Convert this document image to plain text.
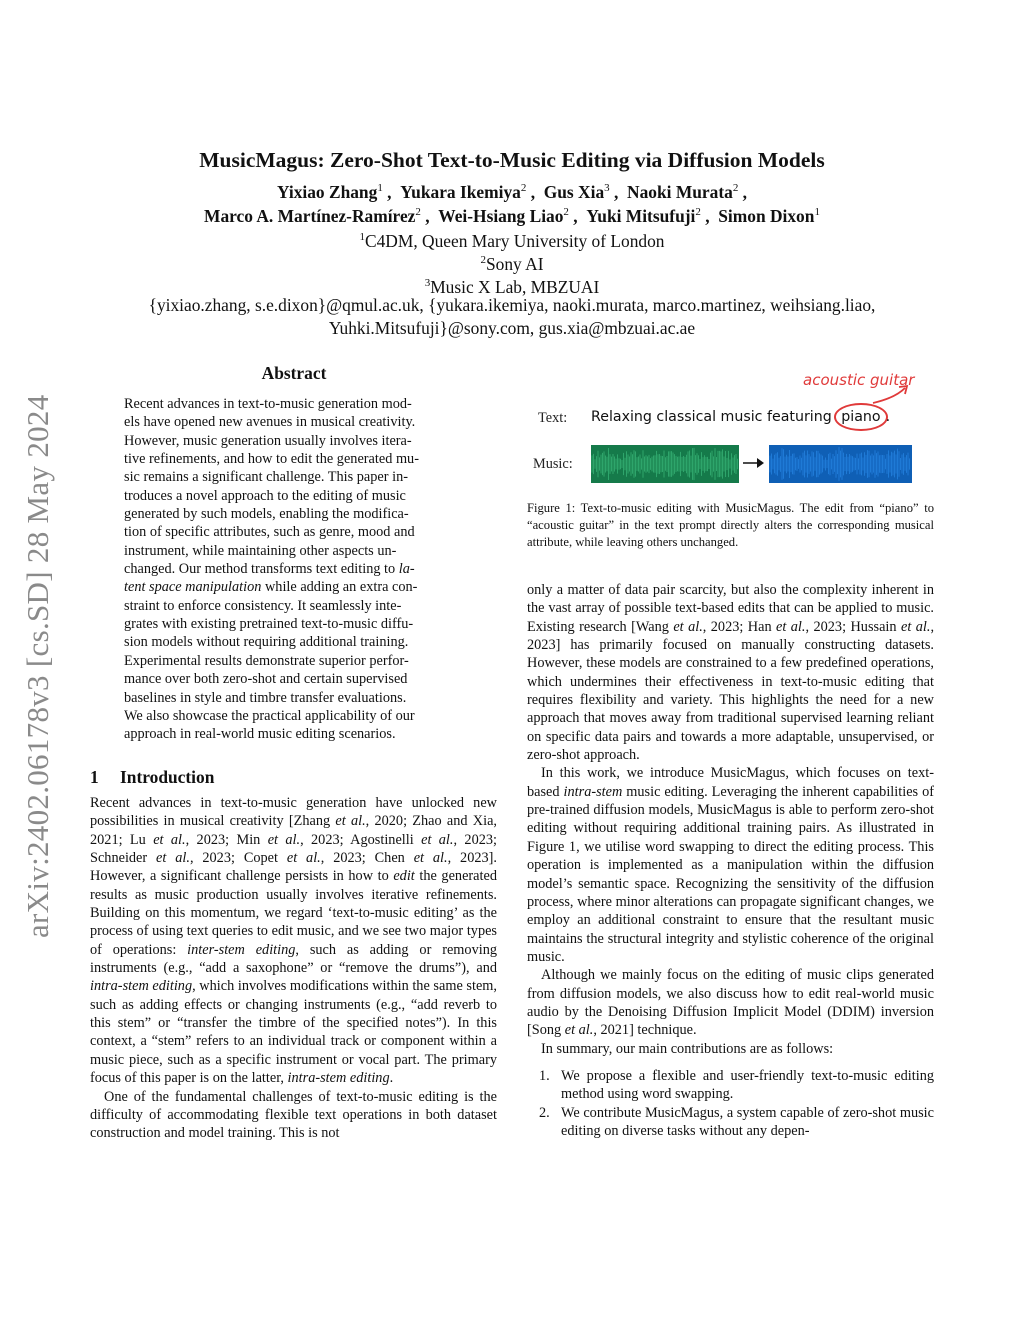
arXiv:2402.06178v3 [cs.SD] 28 May 2024
MusicMagus: Zero-Shot Text-to-Music Editing via Diffusion Models
Yixiao Zhang$^1$ ,  Yukara Ikemiya$^2$ ,  Gus Xia$^3$ ,  Naoki Murata$^2$ ,
Marco A. Martínez-Ramírez$^2$ ,  Wei-Hsiang Liao$^2$ ,  Yuki Mitsufuji$^2$ ,  Simon Dixon$^1$
$^1$C4DM, Queen Mary University of London
$^2$Sony AI
$^3$Music X Lab, MBZUAI
{yixiao.zhang, s.e.dixon}@qmul.ac.uk, {yukara.ikemiya, naoki.murata, marco.martinez, weihsiang.liao,
Yuhki.Mitsufuji}@sony.com, gus.xia@mbzuai.ac.ae
Abstract
Recent advances in text-to-music generation mod-
els have opened new avenues in musical creativity.
However, music generation usually involves itera-
tive refinements, and how to edit the generated mu-
sic remains a significant challenge. This paper in-
troduces a novel approach to the editing of music
generated by such models, enabling the modifica-
tion of specific attributes, such as genre, mood and
instrument, while maintaining other aspects un-
changed. Our method transforms text editing to la-
tent space manipulation while adding an extra con-
straint to enforce consistency. It seamlessly inte-
grates with existing pretrained text-to-music diffu-
sion models without requiring additional training.
Experimental results demonstrate superior perfor-
mance over both zero-shot and certain supervised
baselines in style and timbre transfer evaluations.
We also showcase the practical applicability of our
approach in real-world music editing scenarios.
1 Introduction

Recent advances in text-to-music generation have unlocked new possibilities in musical creativity [Zhang et al., 2020; Zhao and Xia, 2021; Lu et al., 2023; Min et al., 2023; Agostinelli et al., 2023; Schneider et al., 2023; Copet et al., 2023; Chen et al., 2023]. However, a significant challenge persists in how to edit the generated results as music production usually involves iterative refinements. Building on this momentum, we regard ‘text-to-music editing’ as the process of using text queries to edit music, and we see two major types of operations: inter-stem editing, such as adding or removing instruments (e.g., “add a saxophone” or “remove the drums”), and intra-stem editing, which involves modifications within the same stem, such as adding effects or changing instruments (e.g., “add reverb to this stem” or “transfer the timbre of the specified notes”). In this context, a “stem” refers to an individual track or component within a music piece, such as a specific instrument or vocal part. The primary focus of this paper is on the latter, intra-stem editing.

One of the fundamental challenges of text-to-music editing is the difficulty of accommodating flexible text operations in both dataset construction and model training. This is not

Text:
Music:
Relaxing classical music featuring piano .
acoustic guitar
Figure 1: Text-to-music editing with MusicMagus. The edit from “piano” to “acoustic guitar” in the text prompt directly alters the corresponding musical attribute, while leaving others unchanged.

only a matter of data pair scarcity, but also the complexity inherent in the vast array of possible text-based edits that can be applied to music. Existing research [Wang et al., 2023; Han et al., 2023; Hussain et al., 2023] has primarily focused on manually constructing datasets. However, these models are constrained to a few predefined operations, which undermines their effectiveness in text-to-music editing that requires flexibility and variety. This highlights the need for a new approach that moves away from traditional supervised learning reliant on specific data pairs and towards a more adaptable, unsupervised, or zero-shot approach.

In this work, we introduce MusicMagus, which focuses on text-based intra-stem music editing. Leveraging the inherent capabilities of pre-trained diffusion models, MusicMagus is able to perform zero-shot editing without requiring additional training pairs. As illustrated in Figure 1, we utilise word swapping to direct the editing process. This operation is implemented as a manipulation within the diffusion model’s semantic space. Recognizing the sensitivity of the diffusion process, where minor alterations can propagate significant changes, we employ an additional constraint to ensure that the resultant music maintains the structural integrity and stylistic coherence of the original music.

Although we mainly focus on the editing of music clips generated from diffusion models, we also discuss how to edit real-world music audio by the Denoising Diffusion Implicit Model (DDIM) inversion [Song et al., 2021] technique.

In summary, our main contributions are as follows:

1. We propose a flexible and user-friendly text-to-music editing method using word swapping.
2. We contribute MusicMagus, a system capable of zero-shot music editing on diverse tasks without any depen-
